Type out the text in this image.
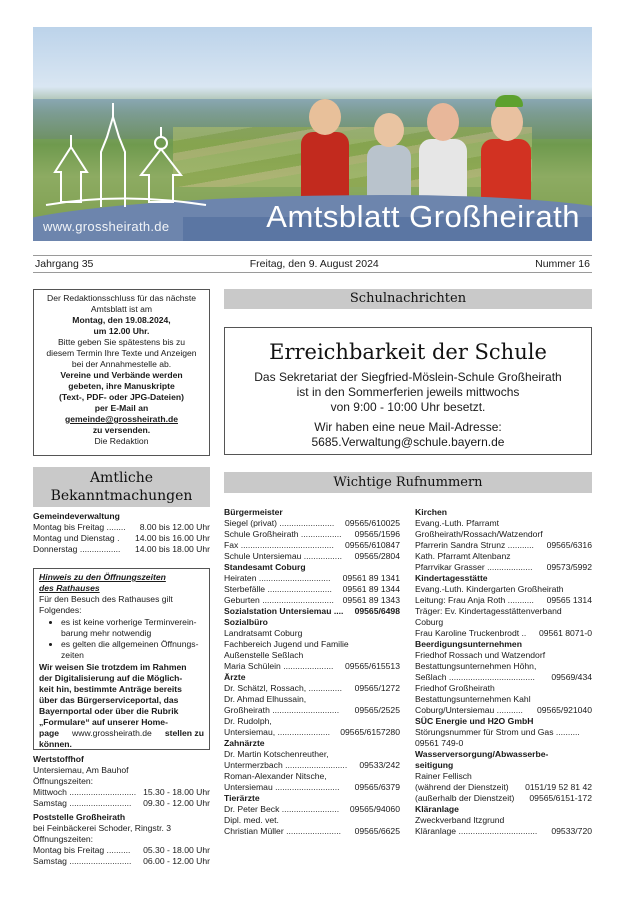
www.grossheirath.de	Amtsblatt Großheirath
Jahrgang 35	Freitag, den 9. August 2024	Nummer 16
Der Redaktionsschluss für das nächste
Amtsblatt ist am
Montag, den 19.08.2024,
um 12.00 Uhr.
Bitte geben Sie spätestens bis zu
diesem Termin Ihre Texte und Anzeigen
bei der Annahmestelle ab.
Vereine und Verbände werden
gebeten, ihre Manuskripte
(Text-, PDF- oder JPG-Dateien)
per E-Mail an
gemeinde@grossheirath.de
zu versenden.
Die Redaktion
Amtliche
Bekanntmachungen
Gemeindeverwaltung
Montag bis Freitag ........ 8.00 bis 12.00 Uhr
Montag und Dienstag . 14.00 bis 16.00 Uhr
Donnerstag ................. 14.00 bis 18.00 Uhr
Hinweis zu den Öffnungszeiten
des Rathauses
Für den Besuch des Rathauses gilt
Folgendes:
• es ist keine vorherige Terminverein-
barung mehr notwendig
• es gelten die allgemeinen Öffnungs-
zeiten
Wir weisen Sie trotzdem im Rahmen
der Digitalisierung auf die Möglich-
keit hin, bestimmte Anträge bereits
über das Bürgerserviceportal, das
Bayernportal oder über die Rubrik
„Formulare“ auf unserer Home-
page www.grossheirath.de stellen zu
können.
Wertstoffhof
Untersiemau, Am Bauhof
Öffnungszeiten:
Mittwoch ............................ 15.30 - 18.00 Uhr
Samstag .......................... 09.30 - 12.00 Uhr
Poststelle Großheirath
bei Feinbäckerei Schoder, Ringstr. 3
Öffnungszeiten:
Montag bis Freitag .......... 05.30 - 18.00 Uhr
Samstag .......................... 06.00 - 12.00 Uhr
Schulnachrichten
Erreichbarkeit der Schule
Das Sekretariat der Siegfried-Möslein-Schule Großheirath
ist in den Sommerferien jeweils mittwochs
von 9:00 - 10:00 Uhr besetzt.
Wir haben eine neue Mail-Adresse:
5685.Verwaltung@schule.bayern.de
Wichtige Rufnummern
Bürgermeister
Siegel (privat) ....................... 09565/610025
Schule Großheirath ................. 09565/1596
Fax ....................................... 09565/610847
Schule Untersiemau ................ 09565/2804
Standesamt Coburg
Heiraten .............................. 09561 89 1341
Sterbefälle ........................... 09561 89 1344
Geburten .............................. 09561 89 1343
Sozialstation Untersiemau .... 09565/6498
Sozialbüro
Landratsamt Coburg
Fachbereich Jugend und Familie
Außenstelle Seßlach
Maria Schülein ..................... 09565/615513
Ärzte
Dr. Schätzl, Rossach, .............. 09565/1272
Dr. Ahmad Elhussain,
Großheirath ............................ 09565/2525
Dr. Rudolph,
Untersiemau, ...................... 09565/6157280
Zahnärzte
Dr. Martin Kotschenreuther,
Untermerzbach .......................... 09533/242
Roman-Alexander Nitsche,
Untersiemau ........................... 09565/6379
Tierärzte
Dr. Peter Beck ........................ 09565/94060
Dipl. med. vet.
Christian Müller ....................... 09565/6625
Kirchen
Evang.-Luth. Pfarramt
Großheirath/Rossach/Watzendorf
Pfarrerin Sandra Strunz ........... 09565/6316
Kath. Pfarramt Altenbanz
Pfarrvikar Grasser ................... 09573/5992
Kindertagesstätte
Evang.-Luth. Kindergarten Großheirath
Leitung: Frau Anja Roth ........... 09565 1314
Träger: Ev. Kindertagesstättenverband
Coburg
Frau Karoline Truckenbrodt .. 09561 8071-0
Beerdigungsunternehmen
Friedhof Rossach und Watzendorf
Bestattungsunternehmen Höhn,
Seßlach .................................... 09569/434
Friedhof Großheirath
Bestattungsunternehmen Kahl
Coburg/Untersiemau ........... 09565/921040
SÜC Energie und H2O GmbH
Störungsnummer für Strom und Gas ..........
09561 749-0
Wasserversorgung/Abwasserbe-
seitigung
Rainer Fellisch
(während der Dienstzeit) 0151/19 52 81 42
(außerhalb der Dienstzeit) 09565/6151-172
Kläranlage
Zweckverband Itzgrund
Kläranlage ................................. 09533/720
